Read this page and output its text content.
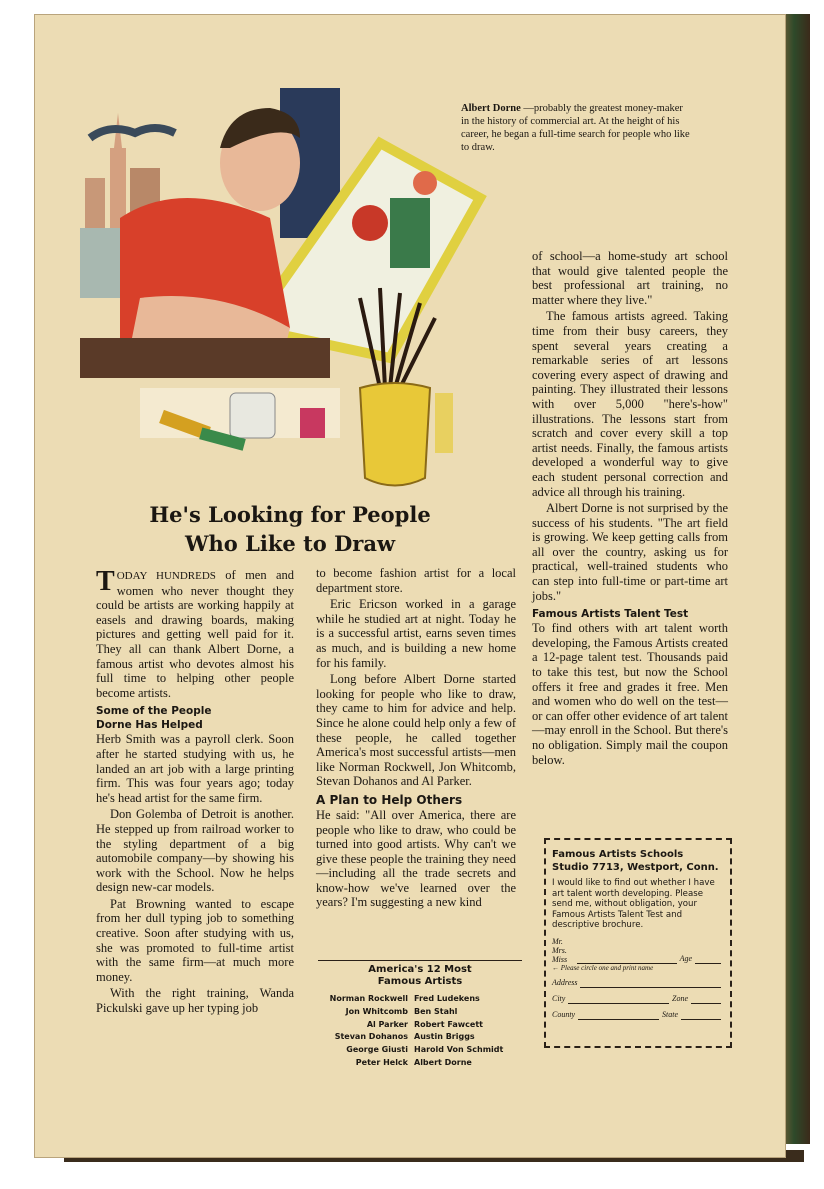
Albert Dorne —probably the greatest money-maker in the history of commercial art. At the height of his career, he began a full-time search for people who like to draw.
He's Looking for People
Who Like to Draw

TODAY HUNDREDS of men and women who never thought they could be artists are working happily at easels and drawing boards, making pictures and getting well paid for it. They all can thank Albert Dorne, a famous artist who devotes almost his full time to helping other people become artists.

Some of the People
Dorne Has Helped

Herb Smith was a payroll clerk. Soon after he started studying with us, he landed an art job with a large printing firm. This was four years ago; today he's head artist for the same firm.

Don Golemba of Detroit is another. He stepped up from railroad worker to the styling department of a big automobile company—by showing his work with the School. Now he helps design new-car models.

Pat Browning wanted to escape from her dull typing job to something creative. Soon after studying with us, she was promoted to full-time artist with the same firm—at much more money.

With the right training, Wanda Pickulski gave up her typing job

to become fashion artist for a local department store.

Eric Ericson worked in a garage while he studied art at night. Today he is a successful artist, earns seven times as much, and is building a new home for his family.

Long before Albert Dorne started looking for people who like to draw, they came to him for advice and help. Since he alone could help only a few of these people, he called together America's most successful artists—men like Norman Rockwell, Jon Whitcomb, Stevan Dohanos and Al Parker.

A Plan to Help Others

He said: "All over America, there are people who like to draw, who could be turned into good artists. Why can't we give these people the training they need—including all the trade secrets and know-how we've learned over the years? I'm suggesting a new kind

America's 12 Most
Famous Artists
Norman Rockwell Fred Ludekens
Jon Whitcomb Ben Stahl
Al Parker Robert Fawcett
Stevan Dohanos Austin Briggs
George Giusti Harold Von Schmidt
Peter Helck Albert Dorne

of school—a home-study art school that would give talented people the best professional art training, no matter where they live."

The famous artists agreed. Taking time from their busy careers, they spent several years creating a remarkable series of art lessons covering every aspect of drawing and painting. They illustrated their lessons with over 5,000 "here's-how" illustrations. The lessons start from scratch and cover every skill a top artist needs. Finally, the famous artists developed a wonderful way to give each student personal correction and advice all through his training.

Albert Dorne is not surprised by the success of his students. "The art field is growing. We keep getting calls from all over the country, asking us for practical, well-trained students who can step into full-time or part-time art jobs."

Famous Artists Talent Test

To find others with art talent worth developing, the Famous Artists created a 12-page talent test. Thousands paid to take this test, but now the School offers it free and grades it free. Men and women who do well on the test—or can offer other evidence of art talent—may enroll in the School. But there's no obligation. Simply mail the coupon below.

Famous Artists Schools
Studio 7713, Westport, Conn.
I would like to find out whether I have art talent worth developing. Please send me, without obligation, your Famous Artists Talent Test and descriptive brochure.
Mr. Mrs. Miss	Age
← Please circle one and print name
Address
City	Zone
County	State
